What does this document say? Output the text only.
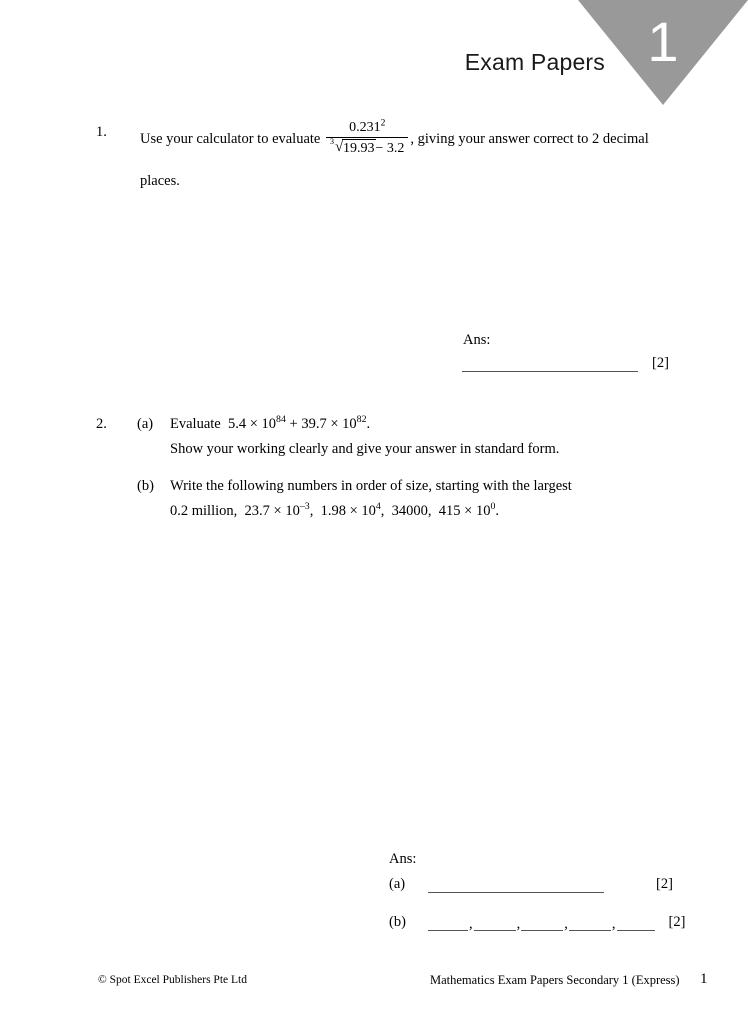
1
Exam Papers
1.	Use your calculator to evaluate $\frac{0.231^2}{3 √ 19.93- 3.2}$ , giving your answer correct to 2 decimal
places.
Ans:
[2]
2.	(a)	Evaluate $5.4 \times 10^{84} + 39.7 \times 10^{82}$.
Show your working clearly and give your answer in standard form.
(b)	Write the following numbers in order of size, starting with the largest
0.2 million,  $23.7 \times 10^{-3}$,  $1.98 \times 10^4$,  34000,  $415 \times 10^0$.
Ans:
(a)	[2]
(b)	,	,	,	,	[2]
© Spot Excel Publishers Pte Ltd	Mathematics Exam Papers Secondary 1 (Express) 1
